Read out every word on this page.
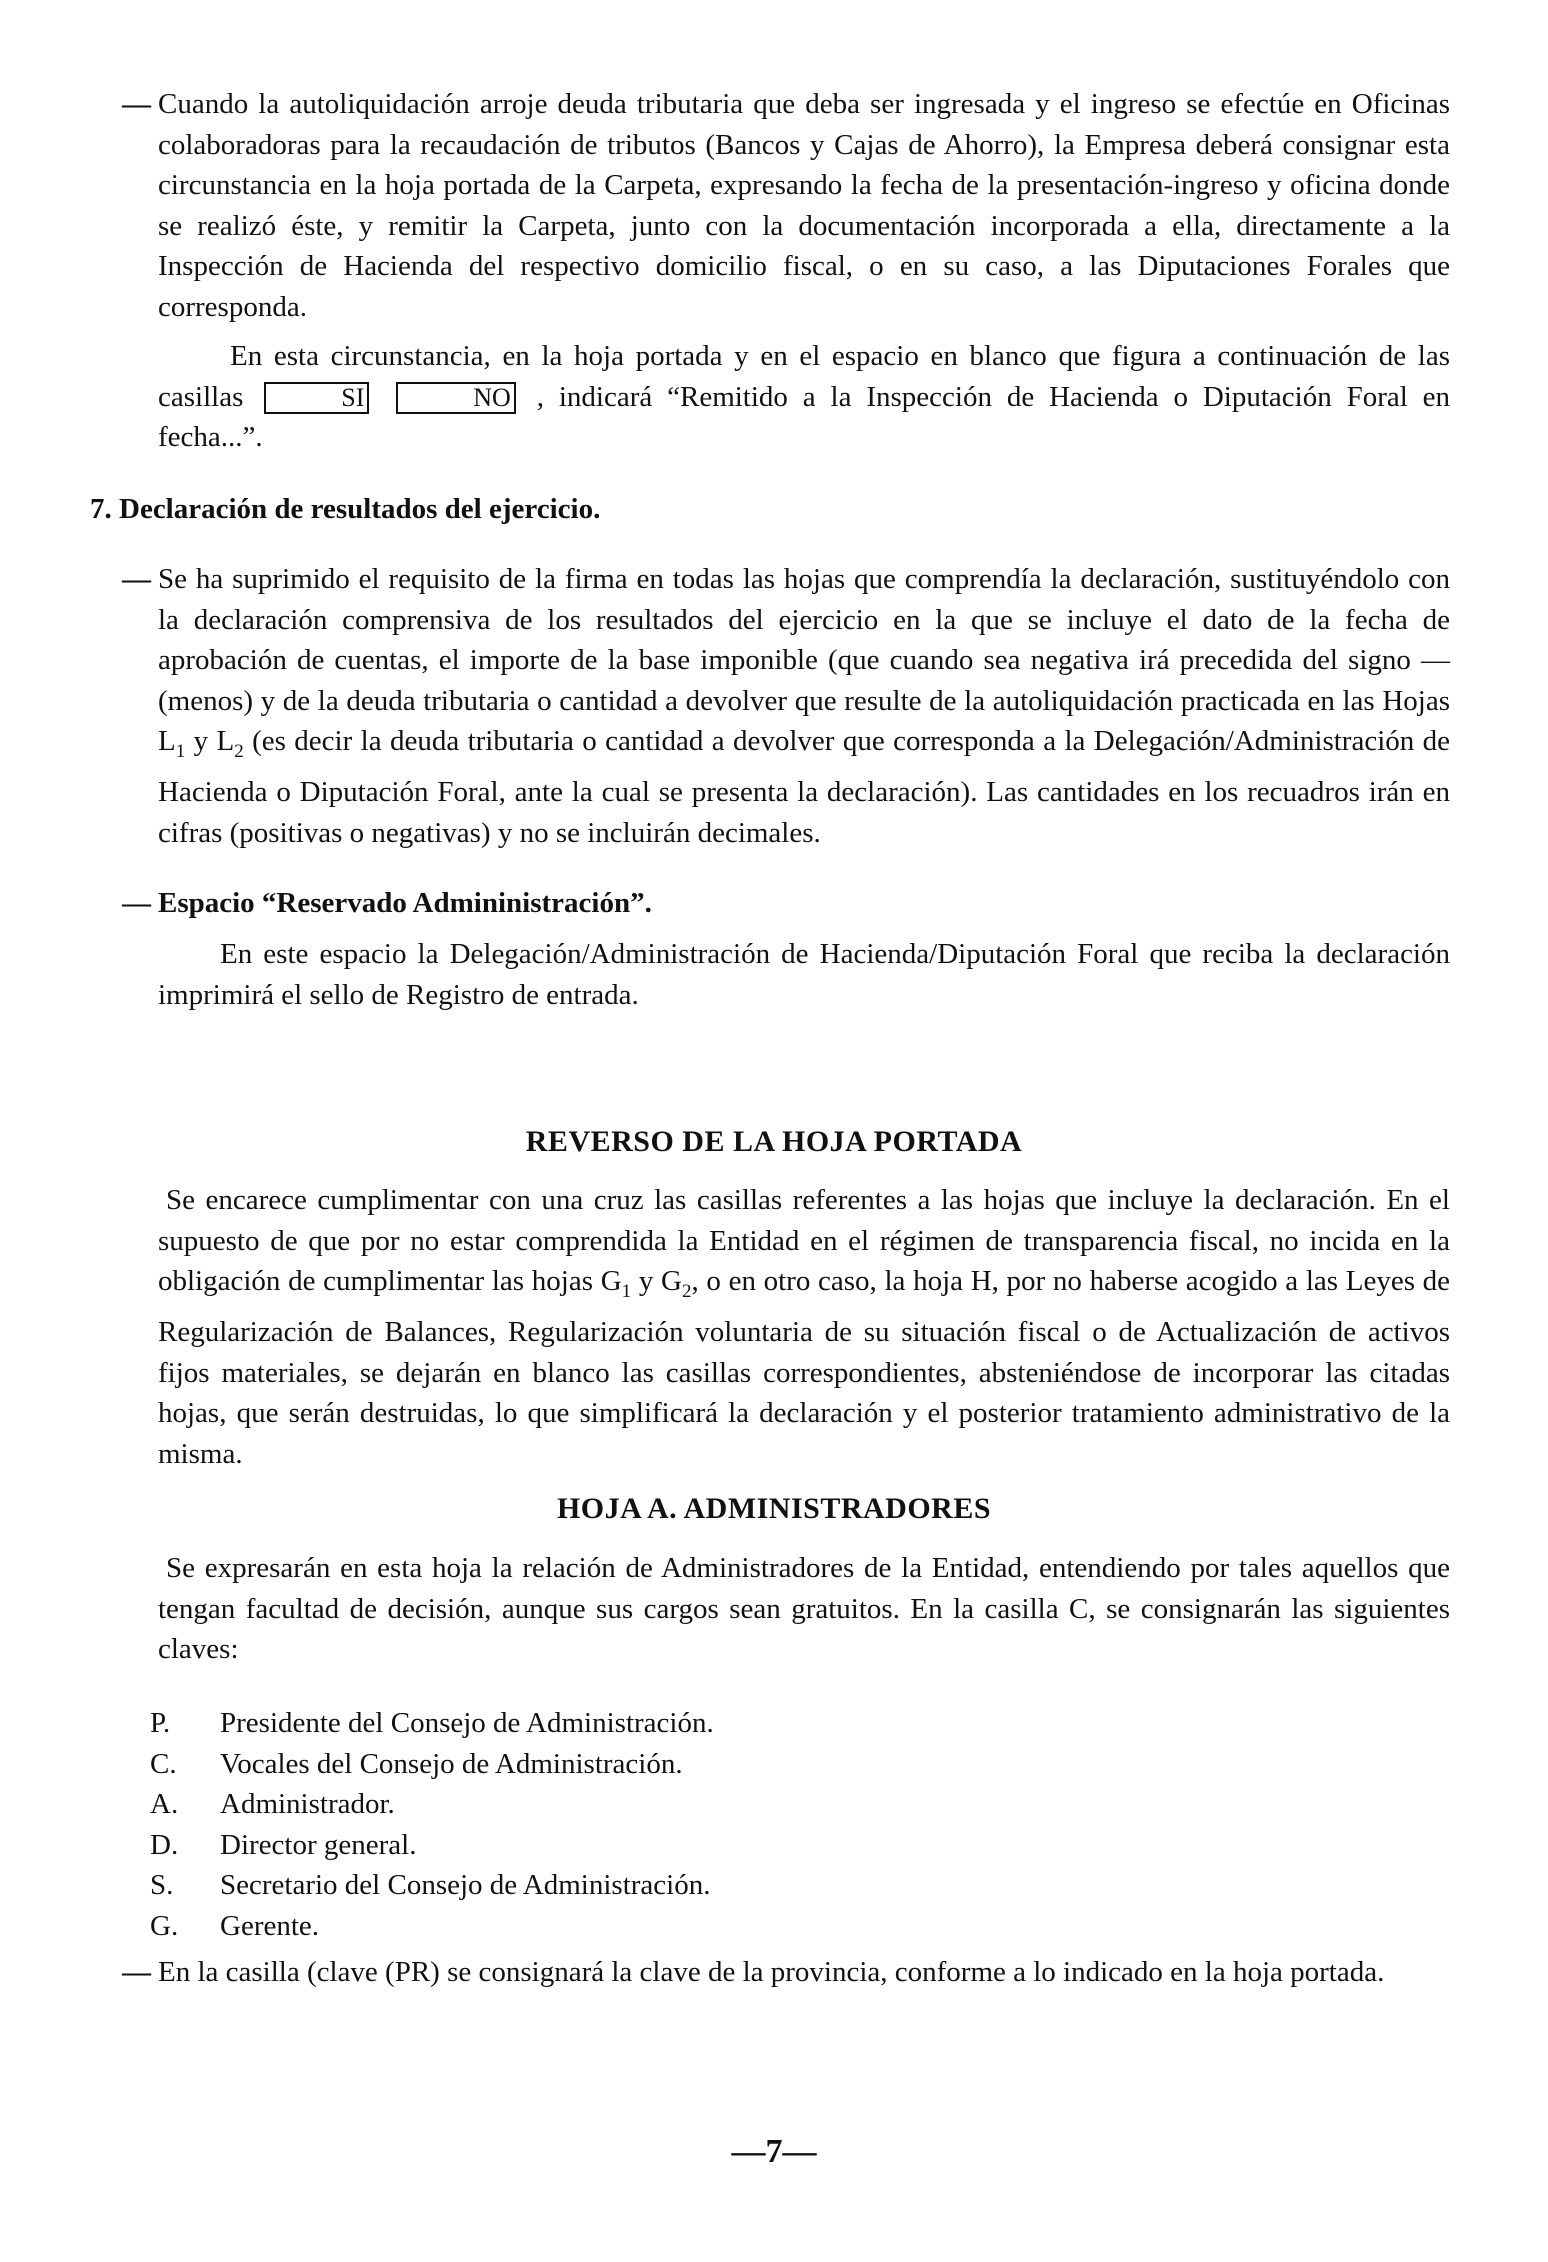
— Cuando la autoliquidación arroje deuda tributaria que deba ser ingresada y el ingreso se efectúe en Oficinas colaboradoras para la recaudación de tributos (Bancos y Cajas de Ahorro), la Empresa deberá consignar esta circunstancia en la hoja portada de la Carpeta, expresando la fecha de la presentación-ingreso y oficina donde se realizó éste, y remitir la Carpeta, junto con la documentación incorporada a ella, directamente a la Inspección de Hacienda del respectivo domicilio fiscal, o en su caso, a las Diputaciones Forales que corresponda.

En esta circunstancia, en la hoja portada y en el espacio en blanco que figura a continuación de las casillas	SI	NO , indicará “Remitido a la Inspección de Hacienda o Diputación Foral en fecha...”.

7. Declaración de resultados del ejercicio.
— Se ha suprimido el requisito de la firma en todas las hojas que comprendía la declaración, sustituyéndolo con la declaración comprensiva de los resultados del ejercicio en la que se incluye el dato de la fecha de aprobación de cuentas, el importe de la base imponible (que cuando sea negativa irá precedida del signo — (menos) y de la deuda tributaria o cantidad a devolver que resulte de la autoliquidación practicada en las Hojas $L_1$ y $L_2$ (es decir la deuda tributaria o cantidad a devolver que corresponda a la Delegación/Administración de Hacienda o Diputación Foral, ante la cual se presenta la declaración). Las cantidades en los recuadros irán en cifras (positivas o negativas) y no se incluirán decimales.

— Espacio “Reservado Admininistración”.

En este espacio la Delegación/Administración de Hacienda/Diputación Foral que reciba la declaración imprimirá el sello de Registro de entrada.

REVERSO DE LA HOJA PORTADA

Se encarece cumplimentar con una cruz las casillas referentes a las hojas que incluye la declaración. En el supuesto de que por no estar comprendida la Entidad en el régimen de transparencia fiscal, no incida en la obligación de cumplimentar las hojas $G_1$ y $G_2$, o en otro caso, la hoja H, por no haberse acogido a las Leyes de Regularización de Balances, Regularización voluntaria de su situación fiscal o de Actualización de activos fijos materiales, se dejarán en blanco las casillas correspondientes, absteniéndose de incorporar las citadas hojas, que serán destruidas, lo que simplificará la declaración y el posterior tratamiento administrativo de la misma.

HOJA A. ADMINISTRADORES

Se expresarán en esta hoja la relación de Administradores de la Entidad, entendiendo por tales aquellos que tengan facultad de decisión, aunque sus cargos sean gratuitos. En la casilla C, se consignarán las siguientes claves:

P.	Presidente del Consejo de Administración.
C.	Vocales del Consejo de Administración.
A.	Administrador.
D.	Director general.
S.	Secretario del Consejo de Administración.
G.	Gerente.
— En la casilla (clave (PR) se consignará la clave de la provincia, conforme a lo indicado en la hoja portada.

—7—
